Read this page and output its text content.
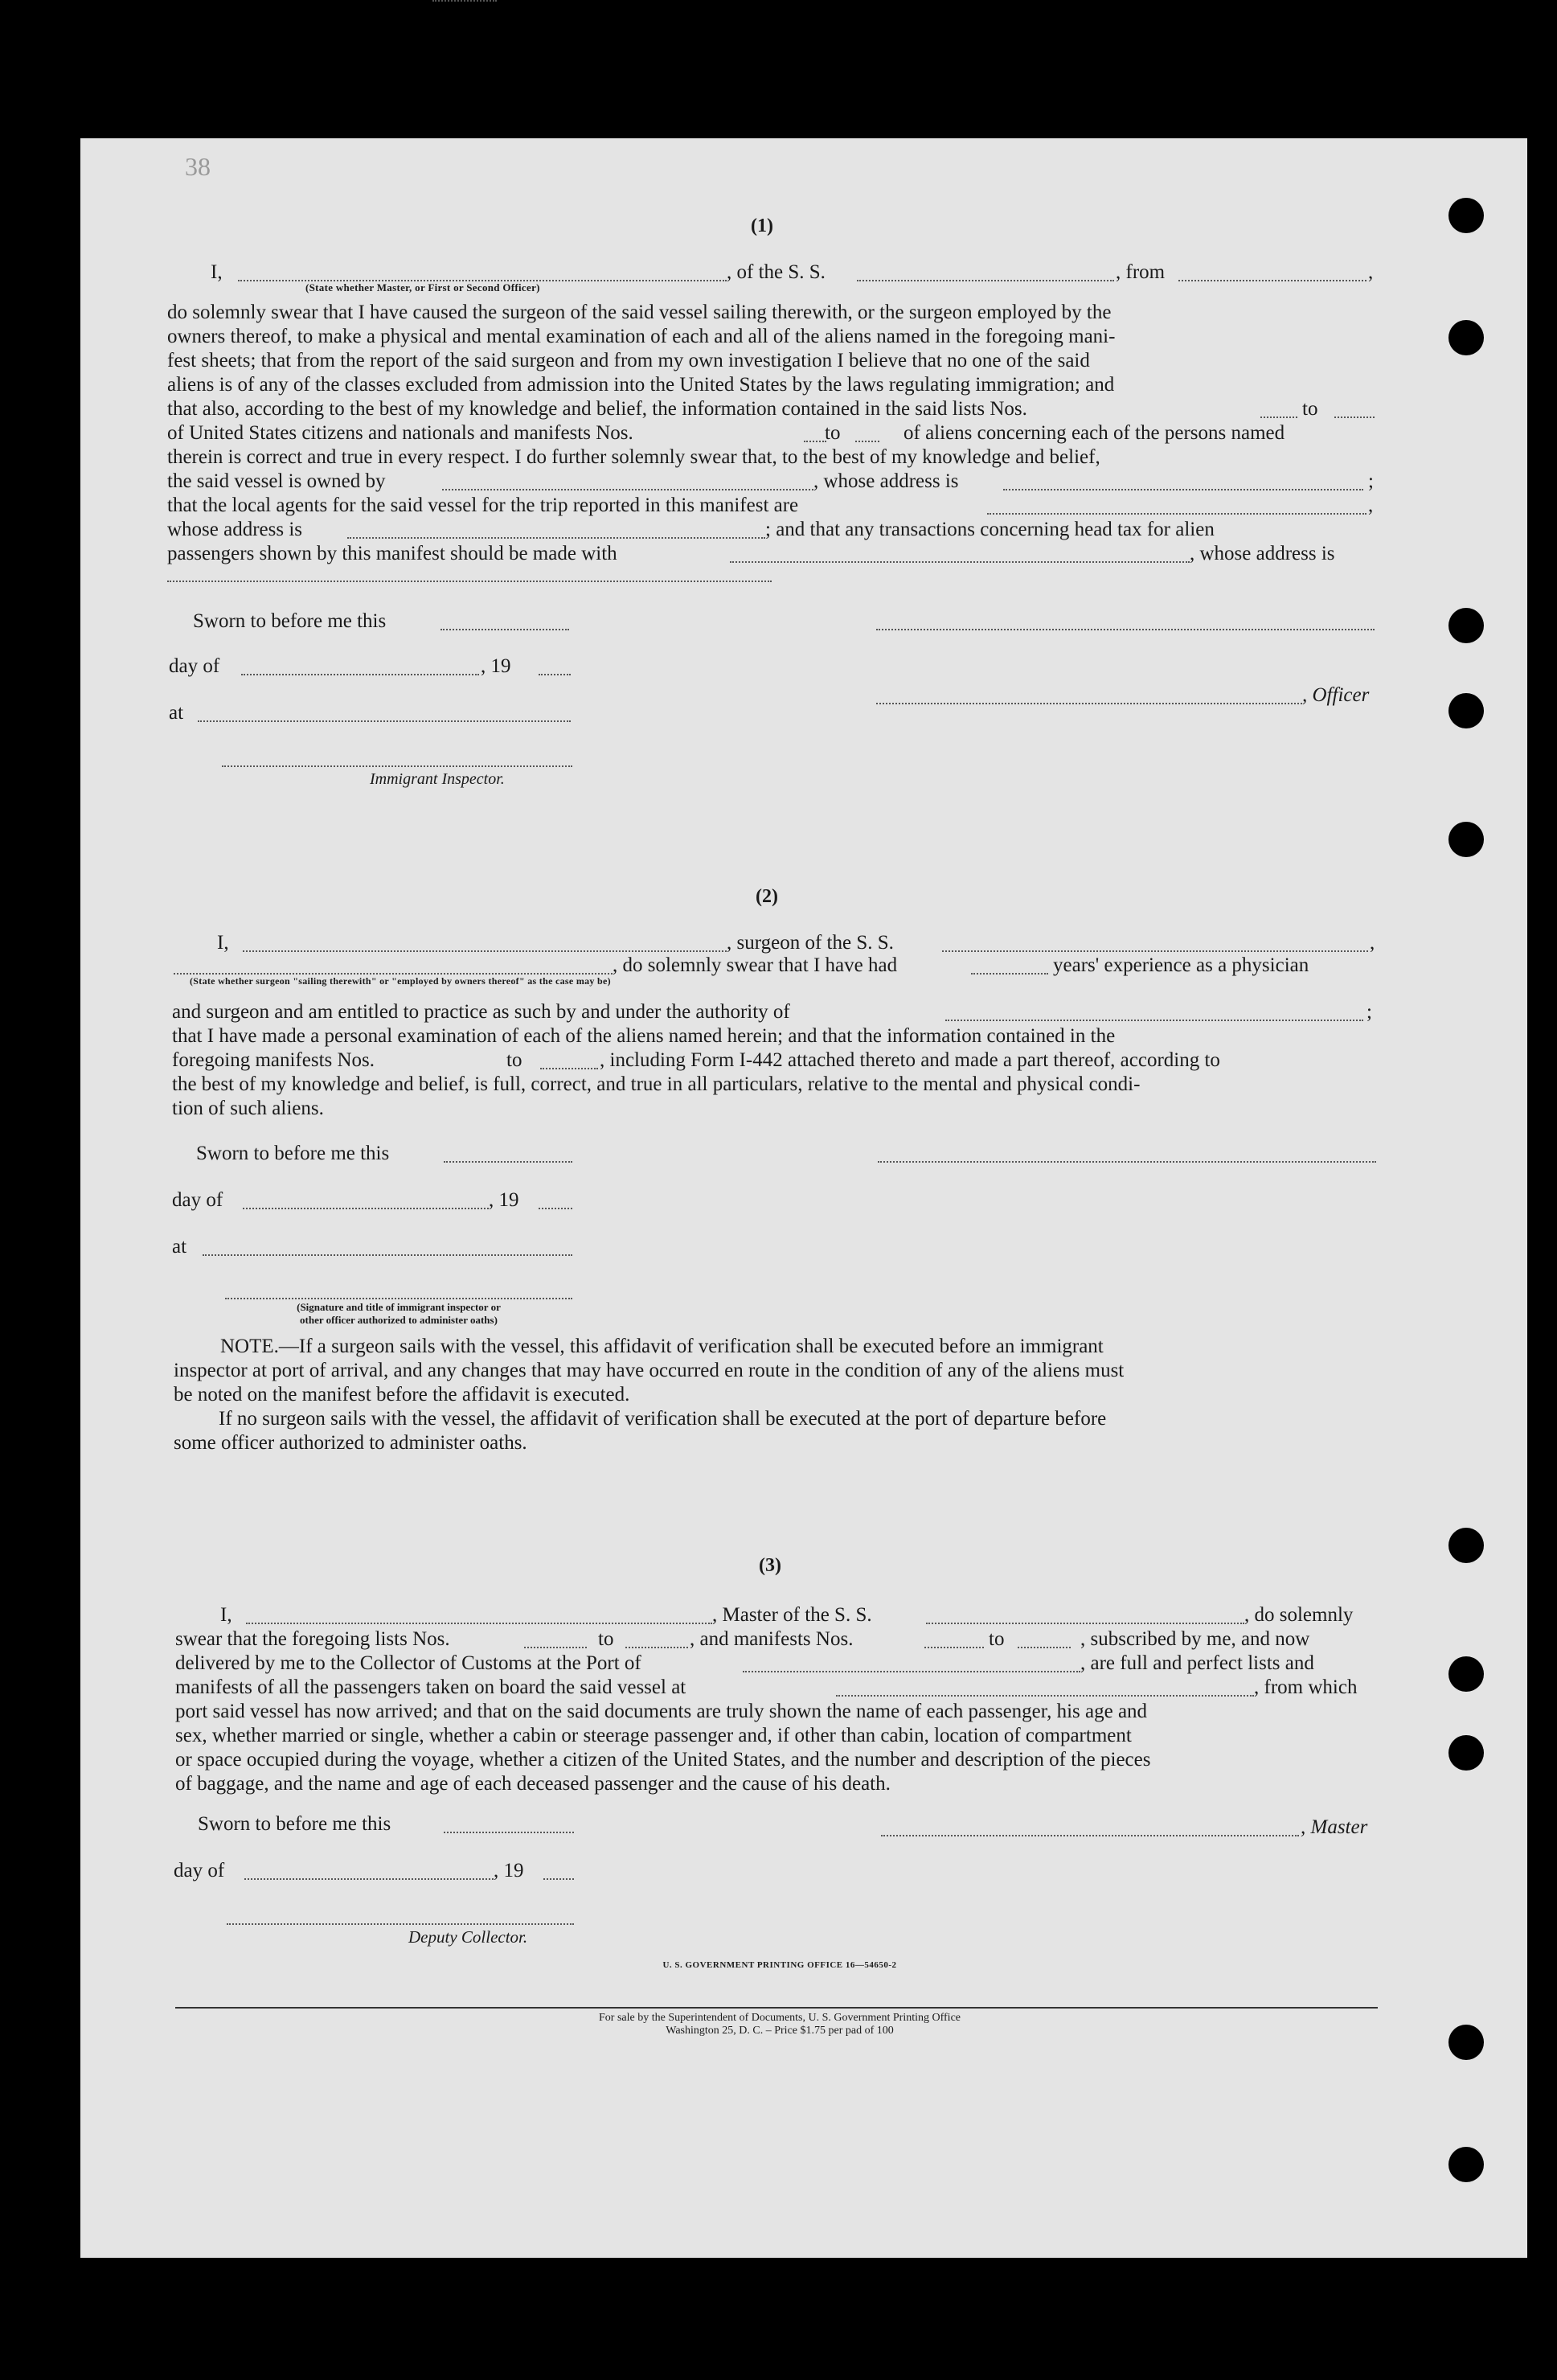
38
(1)
I,	, of the S. S.	, from	,
(State whether Master, or First or Second Officer)
do solemnly swear that I have caused the surgeon of the said vessel sailing therewith, or the surgeon employed by the
owners thereof, to make a physical and mental examination of each and all of the aliens named in the foregoing mani-
fest sheets; that from the report of the said surgeon and from my own investigation I believe that no one of the said
aliens is of any of the classes excluded from admission into the United States by the laws regulating immigration; and
that also, according to the best of my knowledge and belief, the information contained in the said lists Nos.	to
of United States citizens and nationals and manifests Nos.	to	of aliens concerning each of the persons named
therein is correct and true in every respect. I do further solemnly swear that, to the best of my knowledge and belief,
the said vessel is owned by	, whose address is	;
that the local agents for the said vessel for the trip reported in this manifest are	,
whose address is	; and that any transactions concerning head tax for alien
passengers shown by this manifest should be made with	, whose address is
Sworn to before me this
day of	, 19
at
, Officer
Immigrant Inspector.
(2)
I,	, surgeon of the S. S.	,
, do solemnly swear that I have had	years' experience as a physician
(State whether surgeon "sailing therewith" or "employed by owners thereof" as the case may be)
and surgeon and am entitled to practice as such by and under the authority of	;
that I have made a personal examination of each of the aliens named herein; and that the information contained in the
foregoing manifests Nos.	to	, including Form I-442 attached thereto and made a part thereof, according to
the best of my knowledge and belief, is full, correct, and true in all particulars, relative to the mental and physical condi-
tion of such aliens.
Sworn to before me this
day of	, 19
at
(Signature and title of immigrant inspector or
other officer authorized to administer oaths)
NOTE.—If a surgeon sails with the vessel, this affidavit of verification shall be executed before an immigrant
inspector at port of arrival, and any changes that may have occurred en route in the condition of any of the aliens must
be noted on the manifest before the affidavit is executed.
If no surgeon sails with the vessel, the affidavit of verification shall be executed at the port of departure before
some officer authorized to administer oaths.
(3)
I,	, Master of the S. S.	, do solemnly
swear that the foregoing lists Nos.	to	, and manifests Nos.	to	, subscribed by me, and now
delivered by me to the Collector of Customs at the Port of	, are full and perfect lists and
manifests of all the passengers taken on board the said vessel at	, from which
port said vessel has now arrived; and that on the said documents are truly shown the name of each passenger, his age and
sex, whether married or single, whether a cabin or steerage passenger and, if other than cabin, location of compartment
or space occupied during the voyage, whether a citizen of the United States, and the number and description of the pieces
of baggage, and the name and age of each deceased passenger and the cause of his death.
Sworn to before me this	, Master
day of	, 19
Deputy Collector.
U. S. GOVERNMENT PRINTING OFFICE 16—54650-2
For sale by the Superintendent of Documents, U. S. Government Printing Office
Washington 25, D. C. – Price $1.75 per pad of 100
